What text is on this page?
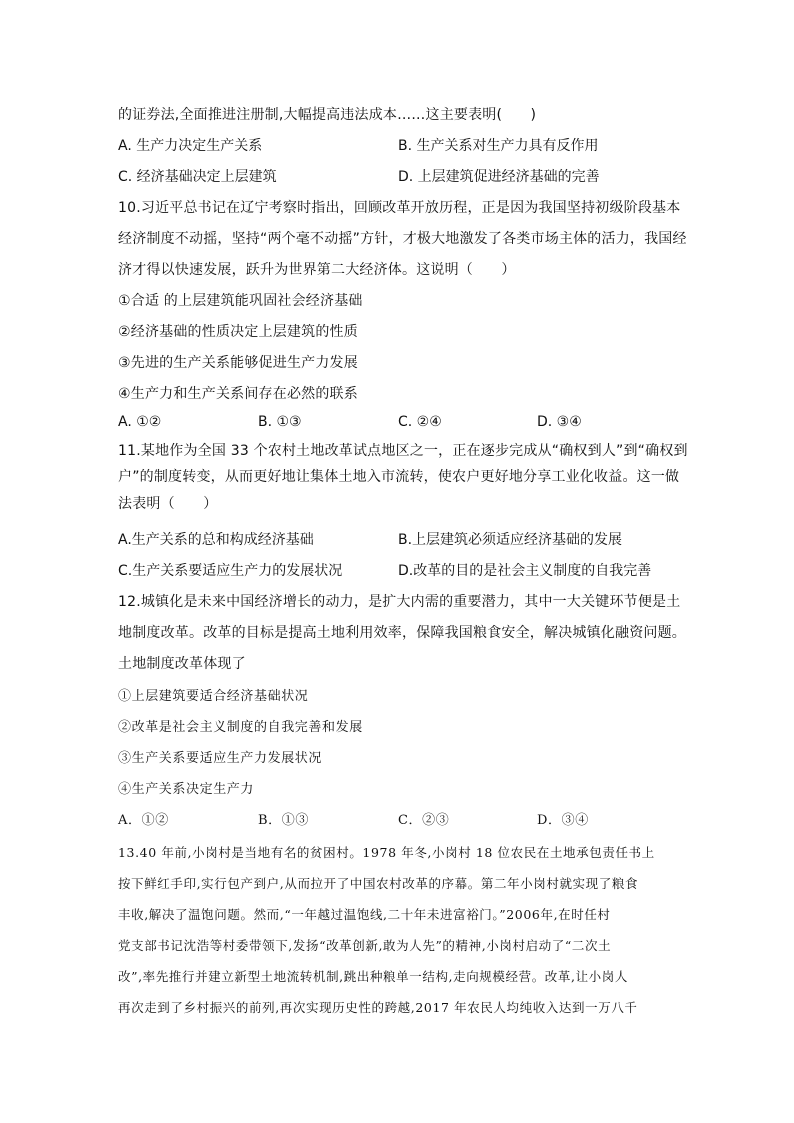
的证券法,全面推进注册制,大幅提高违法成本……这主要表明(　　)
A. 生产力决定生产关系	B. 生产关系对生产力具有反作用
C. 经济基础决定上层建筑	D. 上层建筑促进经济基础的完善
10.习近平总书记在辽宁考察时指出，回顾改革开放历程，正是因为我国坚持初级阶段基本
经济制度不动摇，坚持“两个毫不动摇”方针，才极大地激发了各类市场主体的活力，我国经
济才得以快速发展，跃升为世界第二大经济体。这说明（　　）
①合适 的上层建筑能巩固社会经济基础
②经济基础的性质决定上层建筑的性质
③先进的生产关系能够促进生产力发展
④生产力和生产关系间存在必然的联系
A. ①②	B. ①③	C. ②④	D. ③④
11.某地作为全国 33 个农村土地改革试点地区之一，正在逐步完成从“确权到人”到“确权到
户”的制度转变，从而更好地让集体土地入市流转，使农户更好地分享工业化收益。这一做
法表明（　　）
A.生产关系的总和构成经济基础	B.上层建筑必须适应经济基础的发展
C.生产关系要适应生产力的发展状况	D.改革的目的是社会主义制度的自我完善
12.城镇化是未来中国经济增长的动力，是扩大内需的重要潜力，其中一大关键环节便是土
地制度改革。改革的目标是提高土地利用效率，保障我国粮食安全，解决城镇化融资问题。
土地制度改革体现了
①上层建筑要适合经济基础状况
②改革是社会主义制度的自我完善和发展
③生产关系要适应生产力发展状况
④生产关系决定生产力
A．①②	B．①③	C．②③	D．③④
13.40 年前,小岗村是当地有名的贫困村。1978 年冬,小岗村 18 位农民在土地承包责任书上
按下鲜红手印,实行包产到户,从而拉开了中国农村改革的序幕。第二年小岗村就实现了粮食
丰收,解决了温饱问题。然而,“一年越过温饱线,二十年未进富裕门。”2006年,在时任村
党支部书记沈浩等村委带领下,发扬“改革创新,敢为人先”的精神,小岗村启动了“二次土
改”,率先推行并建立新型土地流转机制,跳出种粮单一结构,走向规模经营。改革,让小岗人
再次走到了乡村振兴的前列,再次实现历史性的跨越,2017 年农民人均纯收入达到一万八千
